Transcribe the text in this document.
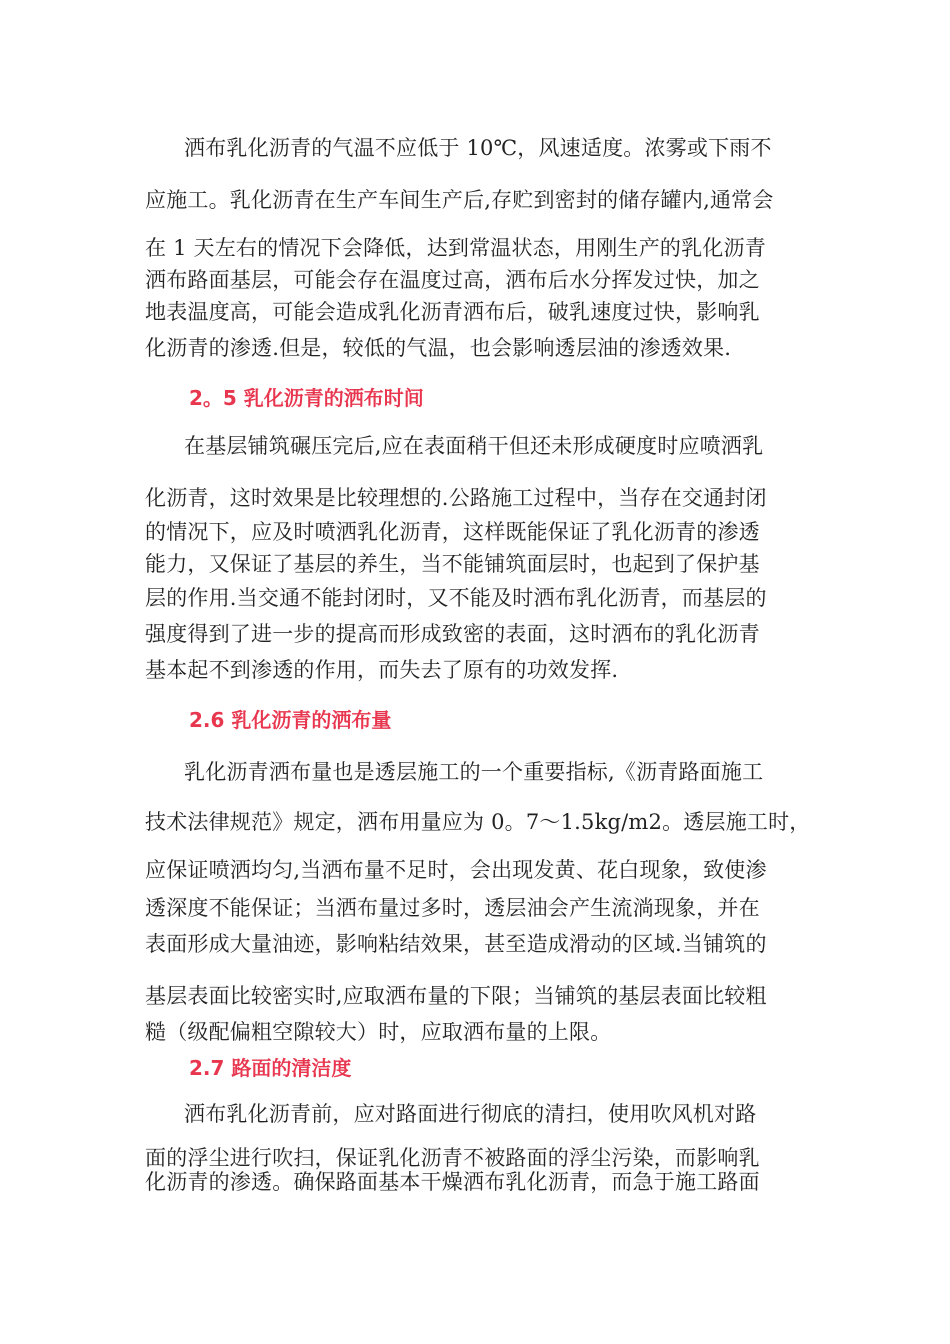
洒布乳化沥青的气温不应低于 10℃，风速适度。浓雾或下雨不
应施工。乳化沥青在生产车间生产后,存贮到密封的储存罐内,通常会
在 1 天左右的情况下会降低，达到常温状态，用刚生产的乳化沥青
洒布路面基层，可能会存在温度过高，洒布后水分挥发过快，加之
地表温度高，可能会造成乳化沥青洒布后，破乳速度过快，影响乳
化沥青的渗透.但是，较低的气温，也会影响透层油的渗透效果.
2。5 乳化沥青的洒布时间
在基层铺筑碾压完后,应在表面稍干但还未形成硬度时应喷洒乳
化沥青，这时效果是比较理想的.公路施工过程中，当存在交通封闭
的情况下，应及时喷洒乳化沥青，这样既能保证了乳化沥青的渗透
能力，又保证了基层的养生，当不能铺筑面层时，也起到了保护基
层的作用.当交通不能封闭时，又不能及时洒布乳化沥青，而基层的
强度得到了进一步的提高而形成致密的表面，这时洒布的乳化沥青
基本起不到渗透的作用，而失去了原有的功效发挥.
2.6 乳化沥青的洒布量
乳化沥青洒布量也是透层施工的一个重要指标,《沥青路面施工
技术法律规范》规定，洒布用量应为 0。7～1.5kg/m2。透层施工时，
应保证喷洒均匀,当洒布量不足时，会出现发黄、花白现象，致使渗
透深度不能保证；当洒布量过多时，透层油会产生流淌现象，并在
表面形成大量油迹，影响粘结效果，甚至造成滑动的区域.当铺筑的
基层表面比较密实时,应取洒布量的下限；当铺筑的基层表面比较粗
糙（级配偏粗空隙较大）时，应取洒布量的上限。
2.7 路面的清洁度
洒布乳化沥青前，应对路面进行彻底的清扫，使用吹风机对路
面的浮尘进行吹扫，保证乳化沥青不被路面的浮尘污染，而影响乳
化沥青的渗透。确保路面基本干燥洒布乳化沥青，而急于施工路面
